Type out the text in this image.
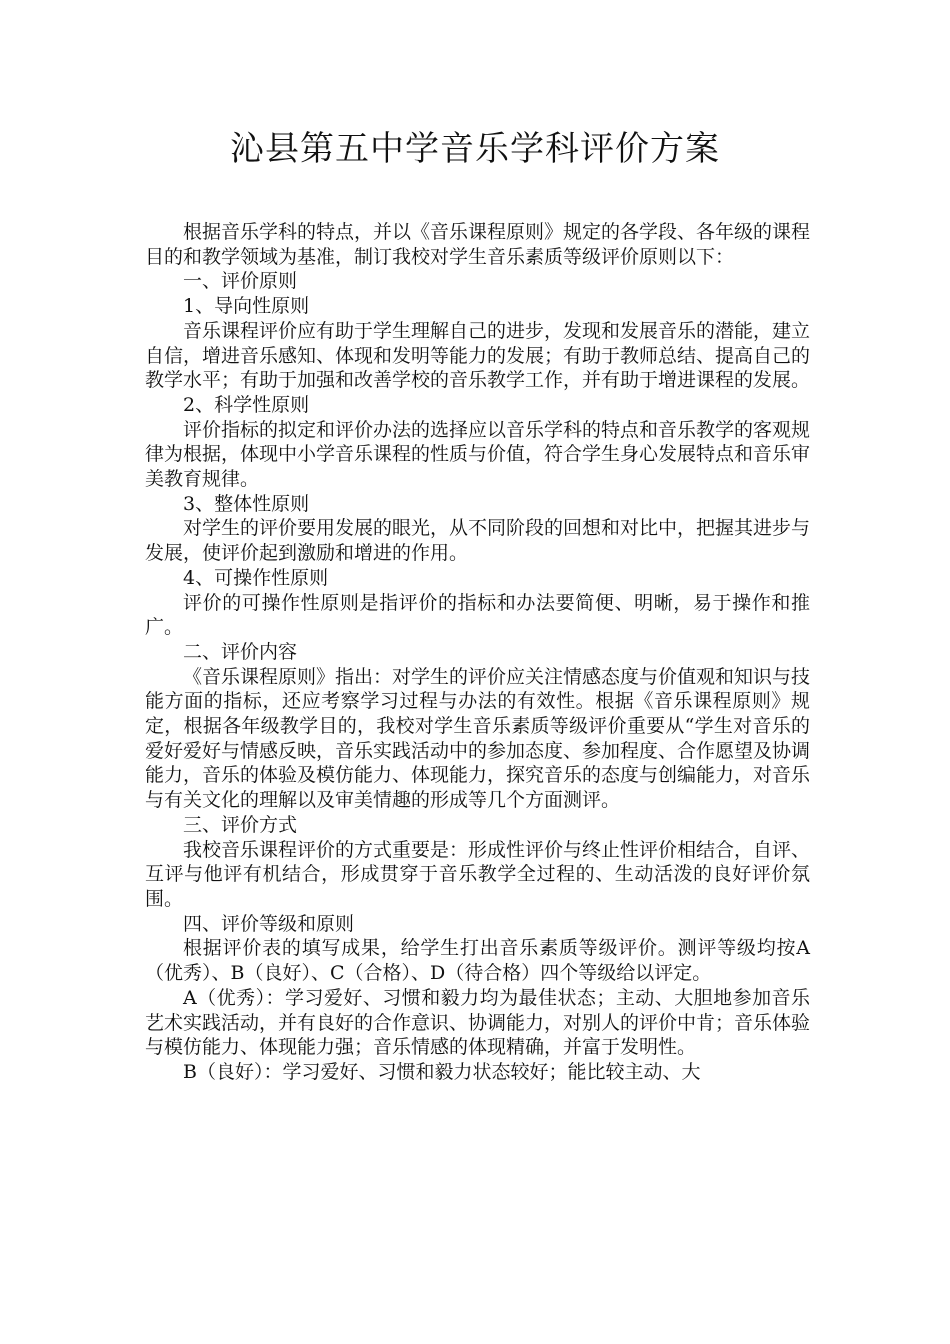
沁县第五中学音乐学科评价方案

根据音乐学科的特点，并以《音乐课程原则》规定的各学段、各年级的课程目的和教学领域为基准，制订我校对学生音乐素质等级评价原则以下：

一、评价原则

1、导向性原则

音乐课程评价应有助于学生理解自己的进步，发现和发展音乐的潜能，建立自信，增进音乐感知、体现和发明等能力的发展；有助于教师总结、提高自己的教学水平；有助于加强和改善学校的音乐教学工作，并有助于增进课程的发展。

2、科学性原则

评价指标的拟定和评价办法的选择应以音乐学科的特点和音乐教学的客观规律为根据，体现中小学音乐课程的性质与价值，符合学生身心发展特点和音乐审美教育规律。

3、整体性原则

对学生的评价要用发展的眼光，从不同阶段的回想和对比中，把握其进步与发展，使评价起到激励和增进的作用。

4、可操作性原则

评价的可操作性原则是指评价的指标和办法要简便、明晰，易于操作和推广。

二、评价内容

《音乐课程原则》指出：对学生的评价应关注情感态度与价值观和知识与技能方面的指标，还应考察学习过程与办法的有效性。根据《音乐课程原则》规定，根据各年级教学目的，我校对学生音乐素质等级评价重要从“学生对音乐的爱好爱好与情感反映，音乐实践活动中的参加态度、参加程度、合作愿望及协调能力，音乐的体验及模仿能力、体现能力，探究音乐的态度与创编能力，对音乐与有关文化的理解以及审美情趣的形成等几个方面测评。

三、评价方式

我校音乐课程评价的方式重要是：形成性评价与终止性评价相结合，自评、互评与他评有机结合，形成贯穿于音乐教学全过程的、生动活泼的良好评价氛围。

四、评价等级和原则

根据评价表的填写成果，给学生打出音乐素质等级评价。测评等级均按A（优秀）、B（良好）、C（合格）、D（待合格）四个等级给以评定。

A（优秀）：学习爱好、习惯和毅力均为最佳状态；主动、大胆地参加音乐艺术实践活动，并有良好的合作意识、协调能力，对别人的评价中肯；音乐体验与模仿能力、体现能力强；音乐情感的体现精确，并富于发明性。

B（良好）：学习爱好、习惯和毅力状态较好；能比较主动、大
